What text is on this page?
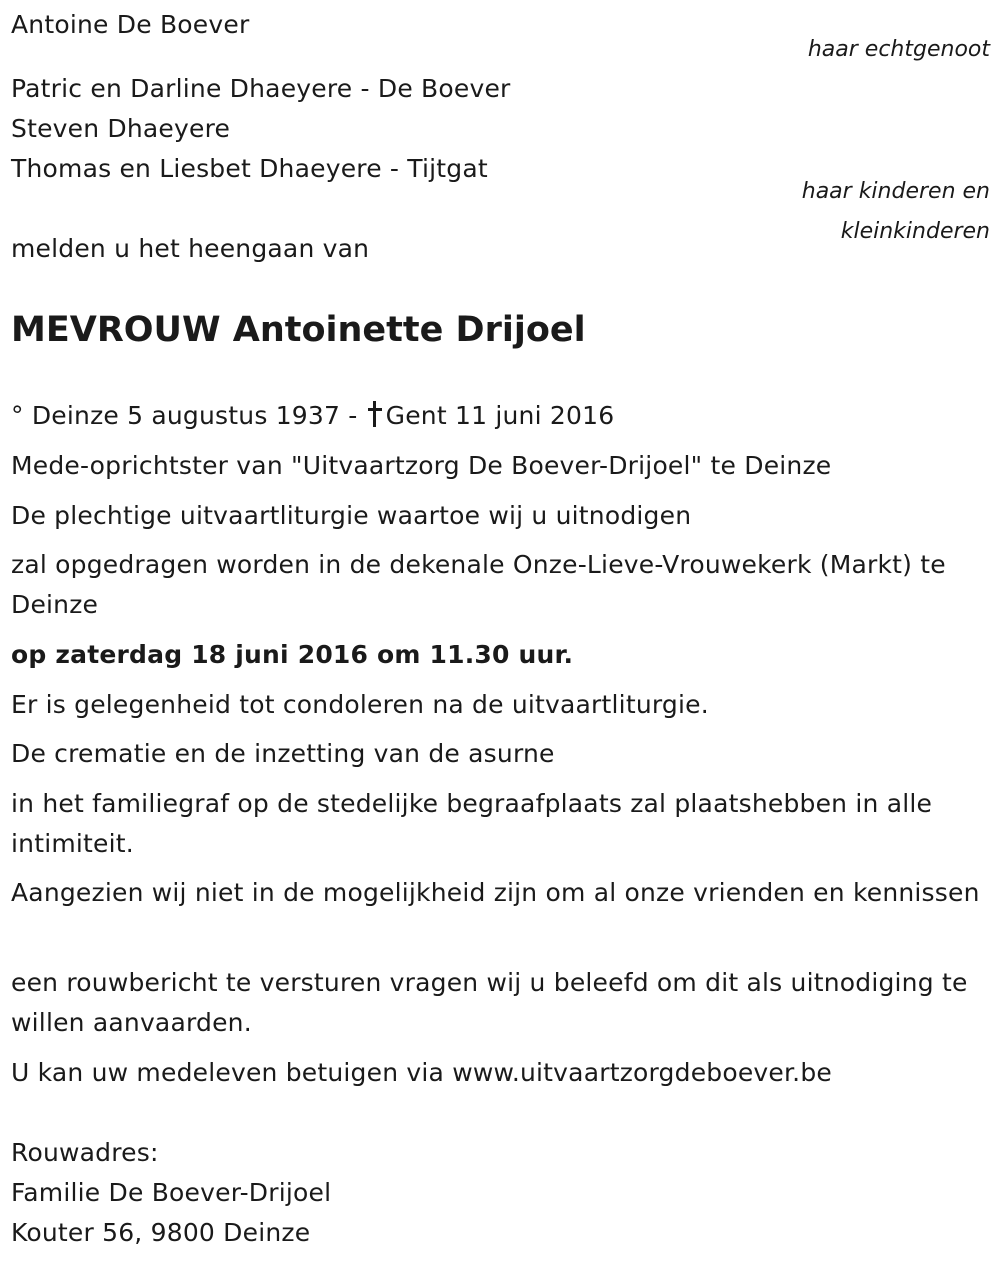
Antoine De Boever
haar echtgenoot
Patric en Darline Dhaeyere - De Boever
Steven Dhaeyere
Thomas en Liesbet Dhaeyere - Tijtgat
haar kinderen en
kleinkinderen
melden u het heengaan van
MEVROUW Antoinette Drijoel
° Deinze 5 augustus 1937 - Gent 11 juni 2016
Mede-oprichtster van "Uitvaartzorg De Boever-Drijoel" te Deinze
De plechtige uitvaartliturgie waartoe wij u uitnodigen
zal opgedragen worden in de dekenale Onze-Lieve-Vrouwekerk (Markt) te Deinze
op zaterdag 18 juni 2016 om 11.30 uur.
Er is gelegenheid tot condoleren na de uitvaartliturgie.
De crematie en de inzetting van de asurne
in het familiegraf op de stedelijke begraafplaats zal plaatshebben in alle intimiteit.
Aangezien wij niet in de mogelijkheid zijn om al onze vrienden en kennissen
een rouwbericht te versturen vragen wij u beleefd om dit als uitnodiging te willen aanvaarden.
U kan uw medeleven betuigen via www.uitvaartzorgdeboever.be
Rouwadres:
Familie De Boever-Drijoel
Kouter 56, 9800 Deinze
